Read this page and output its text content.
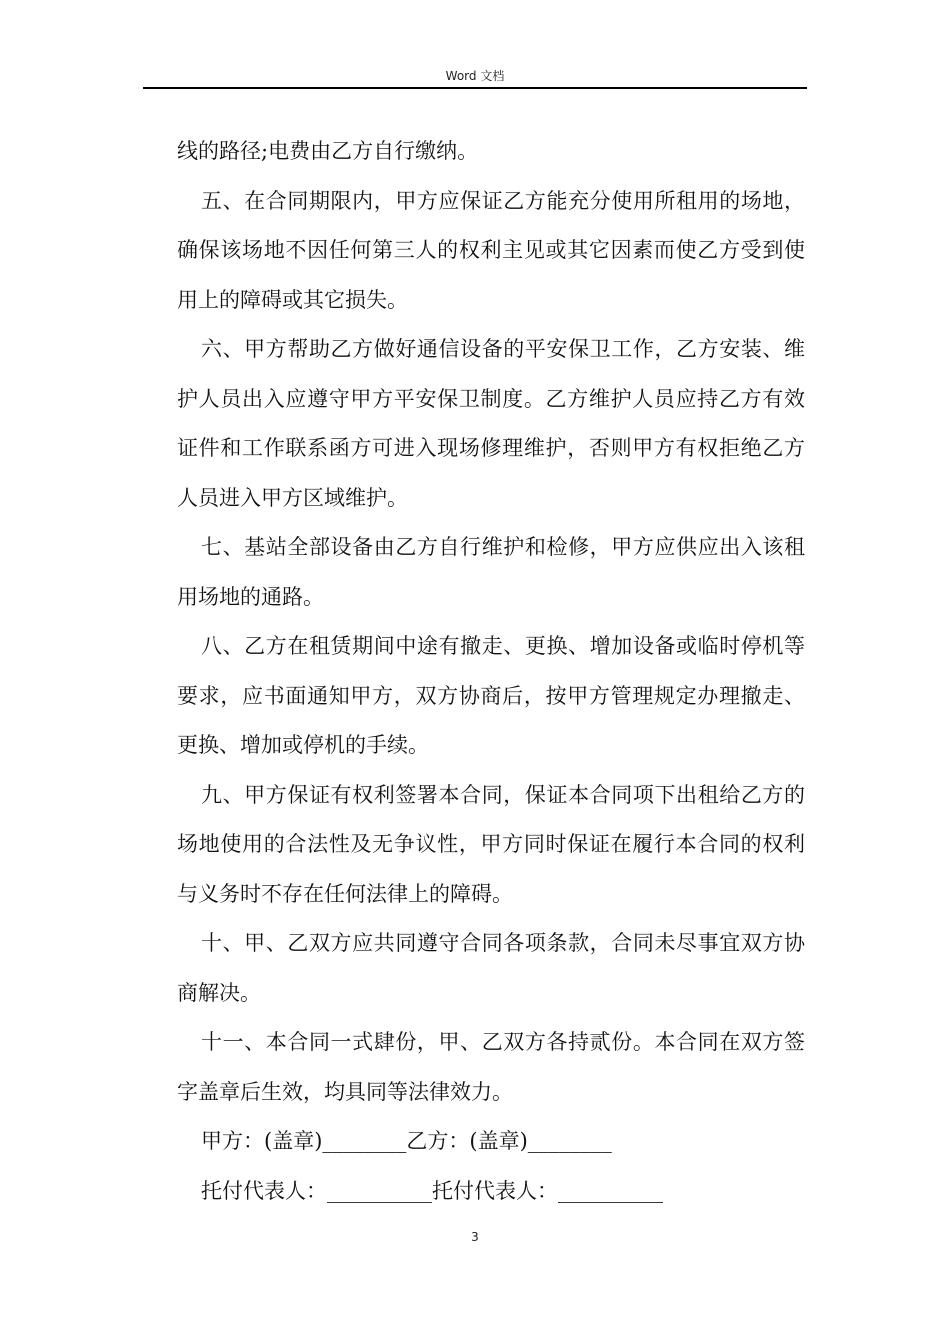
Word 文档

线的路径;电费由乙方自行缴纳。

五、在合同期限内，甲方应保证乙方能充分使用所租用的场地，确保该场地不因任何第三人的权利主见或其它因素而使乙方受到使用上的障碍或其它损失。

六、甲方帮助乙方做好通信设备的平安保卫工作，乙方安装、维护人员出入应遵守甲方平安保卫制度。乙方维护人员应持乙方有效证件和工作联系函方可进入现场修理维护，否则甲方有权拒绝乙方人员进入甲方区域维护。

七、基站全部设备由乙方自行维护和检修，甲方应供应出入该租用场地的通路。

八、乙方在租赁期间中途有撤走、更换、增加设备或临时停机等要求，应书面通知甲方，双方协商后，按甲方管理规定办理撤走、更换、增加或停机的手续。

九、甲方保证有权利签署本合同，保证本合同项下出租给乙方的场地使用的合法性及无争议性，甲方同时保证在履行本合同的权利与义务时不存在任何法律上的障碍。

十、甲、乙双方应共同遵守合同各项条款，合同未尽事宜双方协商解决。

十一、本合同一式肆份，甲、乙双方各持贰份。本合同在双方签字盖章后生效，均具同等法律效力。

甲方：(盖章)________乙方：(盖章)________

托付代表人：__________托付代表人：__________

3
